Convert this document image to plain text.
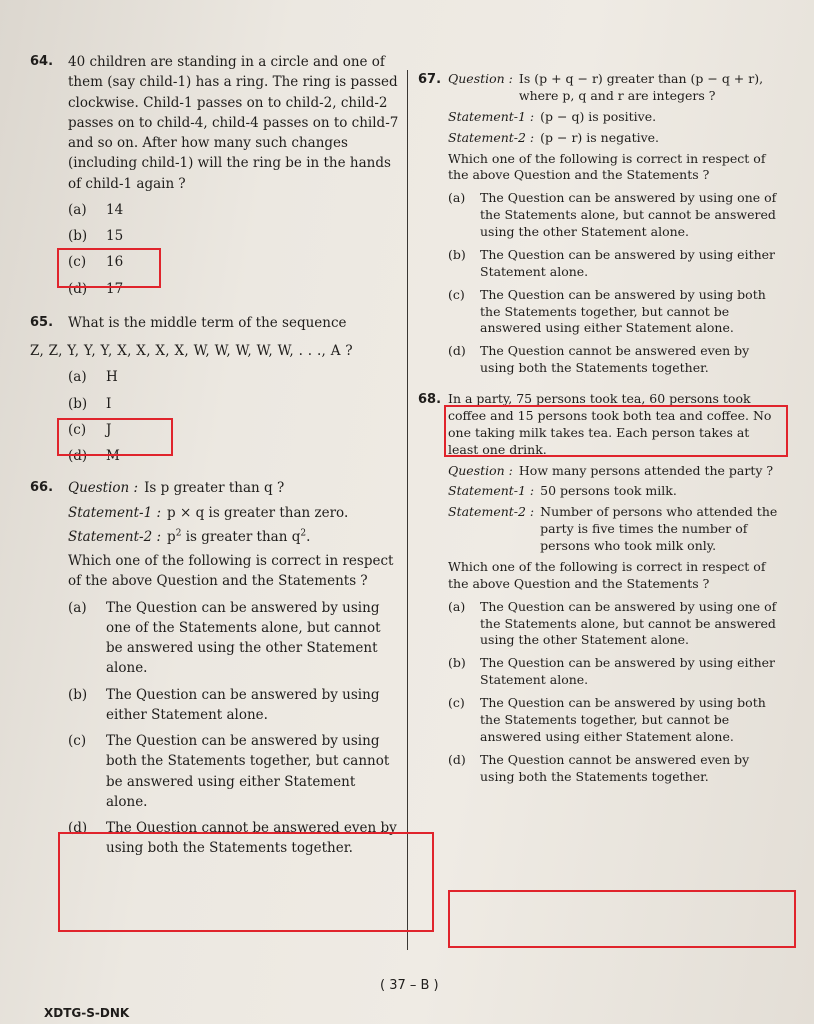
64. 40 children are standing in a circle and one of them (say child-1) has a ring. The ring is passed clockwise. Child-1 passes on to child-2, child-2 passes on to child-4, child-4 passes on to child-7 and so on. After how many such changes (including child-1) will the ring be in the hands of child-1 again ?

(a)	14
(b)	15
(c)	16
(d)	17
65. What is the middle term of the sequence

Z, Z, Y, Y, Y, X, X, X, X, W, W, W, W, W, . . ., A ?

(a)	H
(b)	I
(c)	J
(d)	M
66. Question : Is p greater than q ?
Statement-1 : p × q is greater than zero.
Statement-2 : $p^2$ is greater than $q^2$.

Which one of the following is correct in respect of the above Question and the Statements ?

(a)	The Question can be answered by using one of the Statements alone, but cannot be answered using the other Statement alone.
(b)	The Question can be answered by using either Statement alone.
(c)	The Question can be answered by using both the Statements together, but cannot be answered using either Statement alone.
(d)	The Question cannot be answered even by using both the Statements together.
67. Question : Is (p + q − r) greater than (p − q + r), where p, q and r are integers ?
Statement-1 : (p − q) is positive.
Statement-2 : (p − r) is negative.

Which one of the following is correct in respect of the above Question and the Statements ?

(a)	The Question can be answered by using one of the Statements alone, but cannot be answered using the other Statement alone.
(b)	The Question can be answered by using either Statement alone.
(c)	The Question can be answered by using both the Statements together, but cannot be answered using either Statement alone.
(d)	The Question cannot be answered even by using both the Statements together.
68. In a party, 75 persons took tea, 60 persons took coffee and 15 persons took both tea and coffee. No one taking milk takes tea. Each person takes at least one drink.

Question : How many persons attended the party ?
Statement-1 : 50 persons took milk.
Statement-2 : Number of persons who attended the party is five times the number of persons who took milk only.

Which one of the following is correct in respect of the above Question and the Statements ?

(a)	The Question can be answered by using one of the Statements alone, but cannot be answered using the other Statement alone.
(b)	The Question can be answered by using either Statement alone.
(c)	The Question can be answered by using both the Statements together, but cannot be answered using either Statement alone.
(d)	The Question cannot be answered even by using both the Statements together.
( 37 – B )
XDTG-S-DNK
